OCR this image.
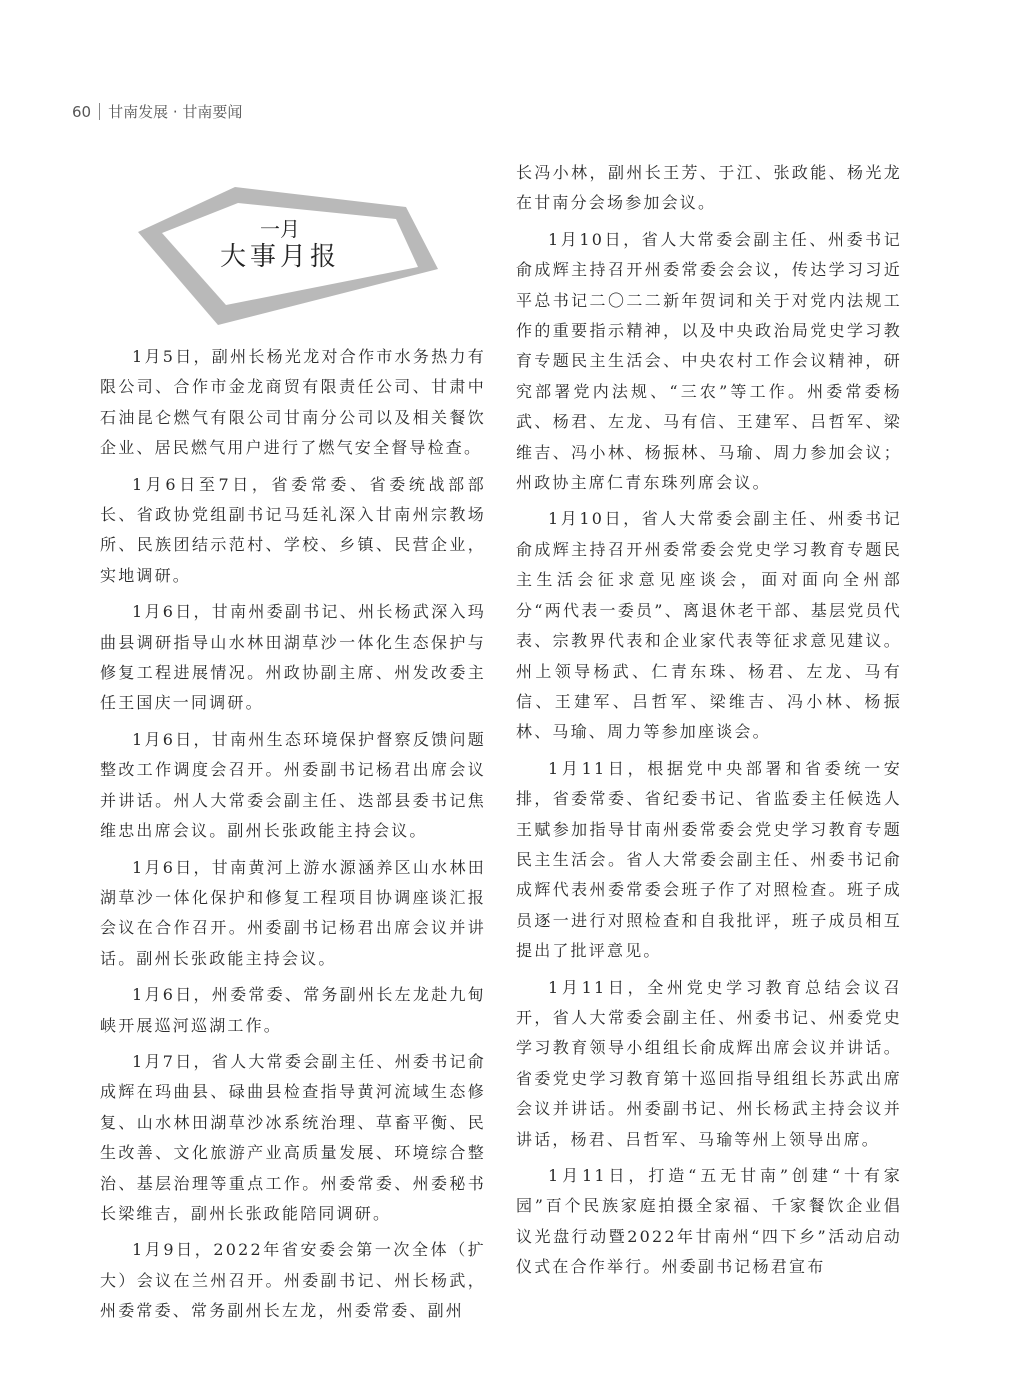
60 甘南发展 · 甘南要闻
一月
大事月报

1月5日，副州长杨光龙对合作市水务热力有限公司、合作市金龙商贸有限责任公司、甘肃中石油昆仑燃气有限公司甘南分公司以及相关餐饮企业、居民燃气用户进行了燃气安全督导检查。

1月6日至7日，省委常委、省委统战部部长、省政协党组副书记马廷礼深入甘南州宗教场所、民族团结示范村、学校、乡镇、民营企业，实地调研。

1月6日，甘南州委副书记、州长杨武深入玛曲县调研指导山水林田湖草沙一体化生态保护与修复工程进展情况。州政协副主席、州发改委主任王国庆一同调研。

1月6日，甘南州生态环境保护督察反馈问题整改工作调度会召开。州委副书记杨君出席会议并讲话。州人大常委会副主任、迭部县委书记焦维忠出席会议。副州长张政能主持会议。

1月6日，甘南黄河上游水源涵养区山水林田湖草沙一体化保护和修复工程项目协调座谈汇报会议在合作召开。州委副书记杨君出席会议并讲话。副州长张政能主持会议。

1月6日，州委常委、常务副州长左龙赴九甸峡开展巡河巡湖工作。

1月7日，省人大常委会副主任、州委书记俞成辉在玛曲县、碌曲县检查指导黄河流域生态修复、山水林田湖草沙冰系统治理、草畜平衡、民生改善、文化旅游产业高质量发展、环境综合整治、基层治理等重点工作。州委常委、州委秘书长梁维吉，副州长张政能陪同调研。

1月9日，2022年省安委会第一次全体（扩大）会议在兰州召开。州委副书记、州长杨武，州委常委、常务副州长左龙，州委常委、副州

长冯小林，副州长王芳、于江、张政能、杨光龙在甘南分会场参加会议。

1月10日，省人大常委会副主任、州委书记俞成辉主持召开州委常委会会议，传达学习习近平总书记二〇二二新年贺词和关于对党内法规工作的重要指示精神，以及中央政治局党史学习教育专题民主生活会、中央农村工作会议精神，研究部署党内法规、“三农”等工作。州委常委杨武、杨君、左龙、马有信、王建军、吕哲军、梁维吉、冯小林、杨振林、马瑜、周力参加会议；州政协主席仁青东珠列席会议。

1月10日，省人大常委会副主任、州委书记俞成辉主持召开州委常委会党史学习教育专题民主生活会征求意见座谈会，面对面向全州部分“两代表一委员”、离退休老干部、基层党员代表、宗教界代表和企业家代表等征求意见建议。州上领导杨武、仁青东珠、杨君、左龙、马有信、王建军、吕哲军、梁维吉、冯小林、杨振林、马瑜、周力等参加座谈会。

1月11日，根据党中央部署和省委统一安排，省委常委、省纪委书记、省监委主任候选人王赋参加指导甘南州委常委会党史学习教育专题民主生活会。省人大常委会副主任、州委书记俞成辉代表州委常委会班子作了对照检查。班子成员逐一进行对照检查和自我批评，班子成员相互提出了批评意见。

1月11日，全州党史学习教育总结会议召开，省人大常委会副主任、州委书记、州委党史学习教育领导小组组长俞成辉出席会议并讲话。省委党史学习教育第十巡回指导组组长苏武出席会议并讲话。州委副书记、州长杨武主持会议并讲话，杨君、吕哲军、马瑜等州上领导出席。

1月11日，打造“五无甘南”创建“十有家园”百个民族家庭拍摄全家福、千家餐饮企业倡议光盘行动暨2022年甘南州“四下乡”活动启动仪式在合作举行。州委副书记杨君宣布
